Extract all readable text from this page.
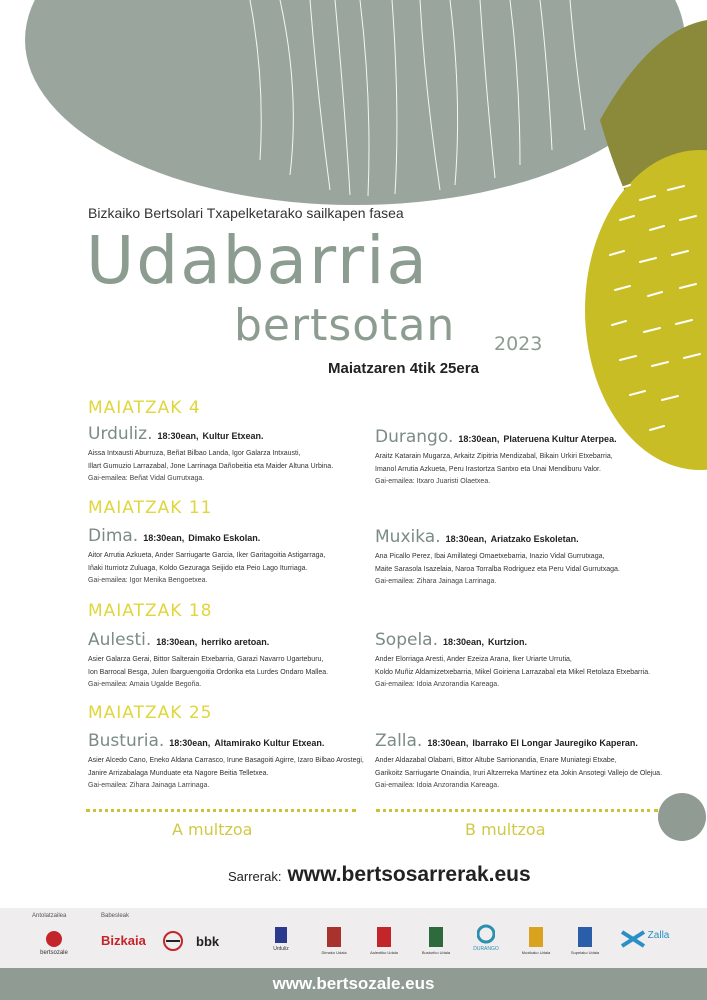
Bizkaiko Bertsolari Txapelketarako sailkapen fasea
Udabarria
bertsotan 2023
Maiatzaren 4tik 25era
MAIATZAK 4
MAIATZAK 11
MAIATZAK 18
MAIATZAK 25
Urduliz. 18:30ean, Kultur Etxean.
Aissa Intxausti Aburruza, Beñat Bilbao Landa, Igor Galarza Intxausti,
Illart Gumuzio Larrazabal, Jone Larrinaga Dañobeitia eta Maider Altuna Urbina.
Gai-emailea: Beñat Vidal Gurrutxaga.
Dima. 18:30ean, Dimako Eskolan.
Aitor Arrutia Azkueta, Ander Sarriugarte Garcia, Iker Garitagoitia Astigarraga,
Iñaki Iturriotz Zuluaga, Koldo Gezuraga Seijido eta Peio Lago Iturriaga.
Gai-emailea: Igor Menika Bengoetxea.
Aulesti. 18:30ean, herriko aretoan.
Asier Galarza Gerai, Bittor Salterain Etxebarria, Garazi Navarro Ugarteburu,
Ion Barrocal Besga, Julen Ibarguengoitia Ordorika eta Lurdes Ondaro Mallea.
Gai-emailea: Amaia Ugalde Begoña.
Busturia. 18:30ean, Altamirako Kultur Etxean.
Asier Alcedo Cano, Eneko Aldana Carrasco, Irune Basagoiti Agirre, Izaro Bilbao Arostegi,
Janire Arrizabalaga Munduate eta Nagore Beitia Telletxea.
Gai-emailea: Zihara Jainaga Larrinaga.
Durango. 18:30ean, Plateruena Kultur Aterpea.
Araitz Katarain Mugarza, Arkaitz Zipitria Mendizabal, Bikain Urkiri Etxebarria,
Imanol Arrutia Azkueta, Peru Irastortza Santxo eta Unai Mendiburu Valor.
Gai-emailea: Itxaro Juaristi Olaetxea.
Muxika. 18:30ean, Ariatzako Eskoletan.
Ana Picallo Perez, Ibai Amillategi Omaetxebarria, Inazio Vidal Gurrutxaga,
Maite Sarasola Isazelaia, Naroa Torralba Rodriguez eta Peru Vidal Gurrutxaga.
Gai-emailea: Zihara Jainaga Larrinaga.
Sopela. 18:30ean, Kurtzion.
Ander Elorriaga Aresti, Ander Ezeiza Arana, Iker Uriarte Urrutia,
Koldo Muñiz Aldamizetxebarria, Mikel Goiriena Larrazabal eta Mikel Retolaza Etxebarria.
Gai-emailea: Idoia Anzorandia Kareaga.
Zalla. 18:30ean, Ibarrako El Longar Jauregiko Kaperan.
Ander Aldazabal Olabarri, Bittor Altube Sarrionandia, Enare Muniategi Etxabe,
Garikoitz Sarriugarte Onaindia, Iruri Altzerreka Martinez eta Jokin Ansotegi Vallejo de Olejua.
Gai-emailea: Idoia Anzorandia Kareaga.
A multzoa	B multzoa
Sarrerak: www.bertsosarrerak.eus
Antolatzailea	Babesleak
bertsozale
Bizkaia	bbk	Urduliz
Dimako Udala	Aulestiko Udala	Busturiko Udala
DURANGO
Muxikako Udala	Sopelako Udala
Zalla
www.bertsozale.eus
